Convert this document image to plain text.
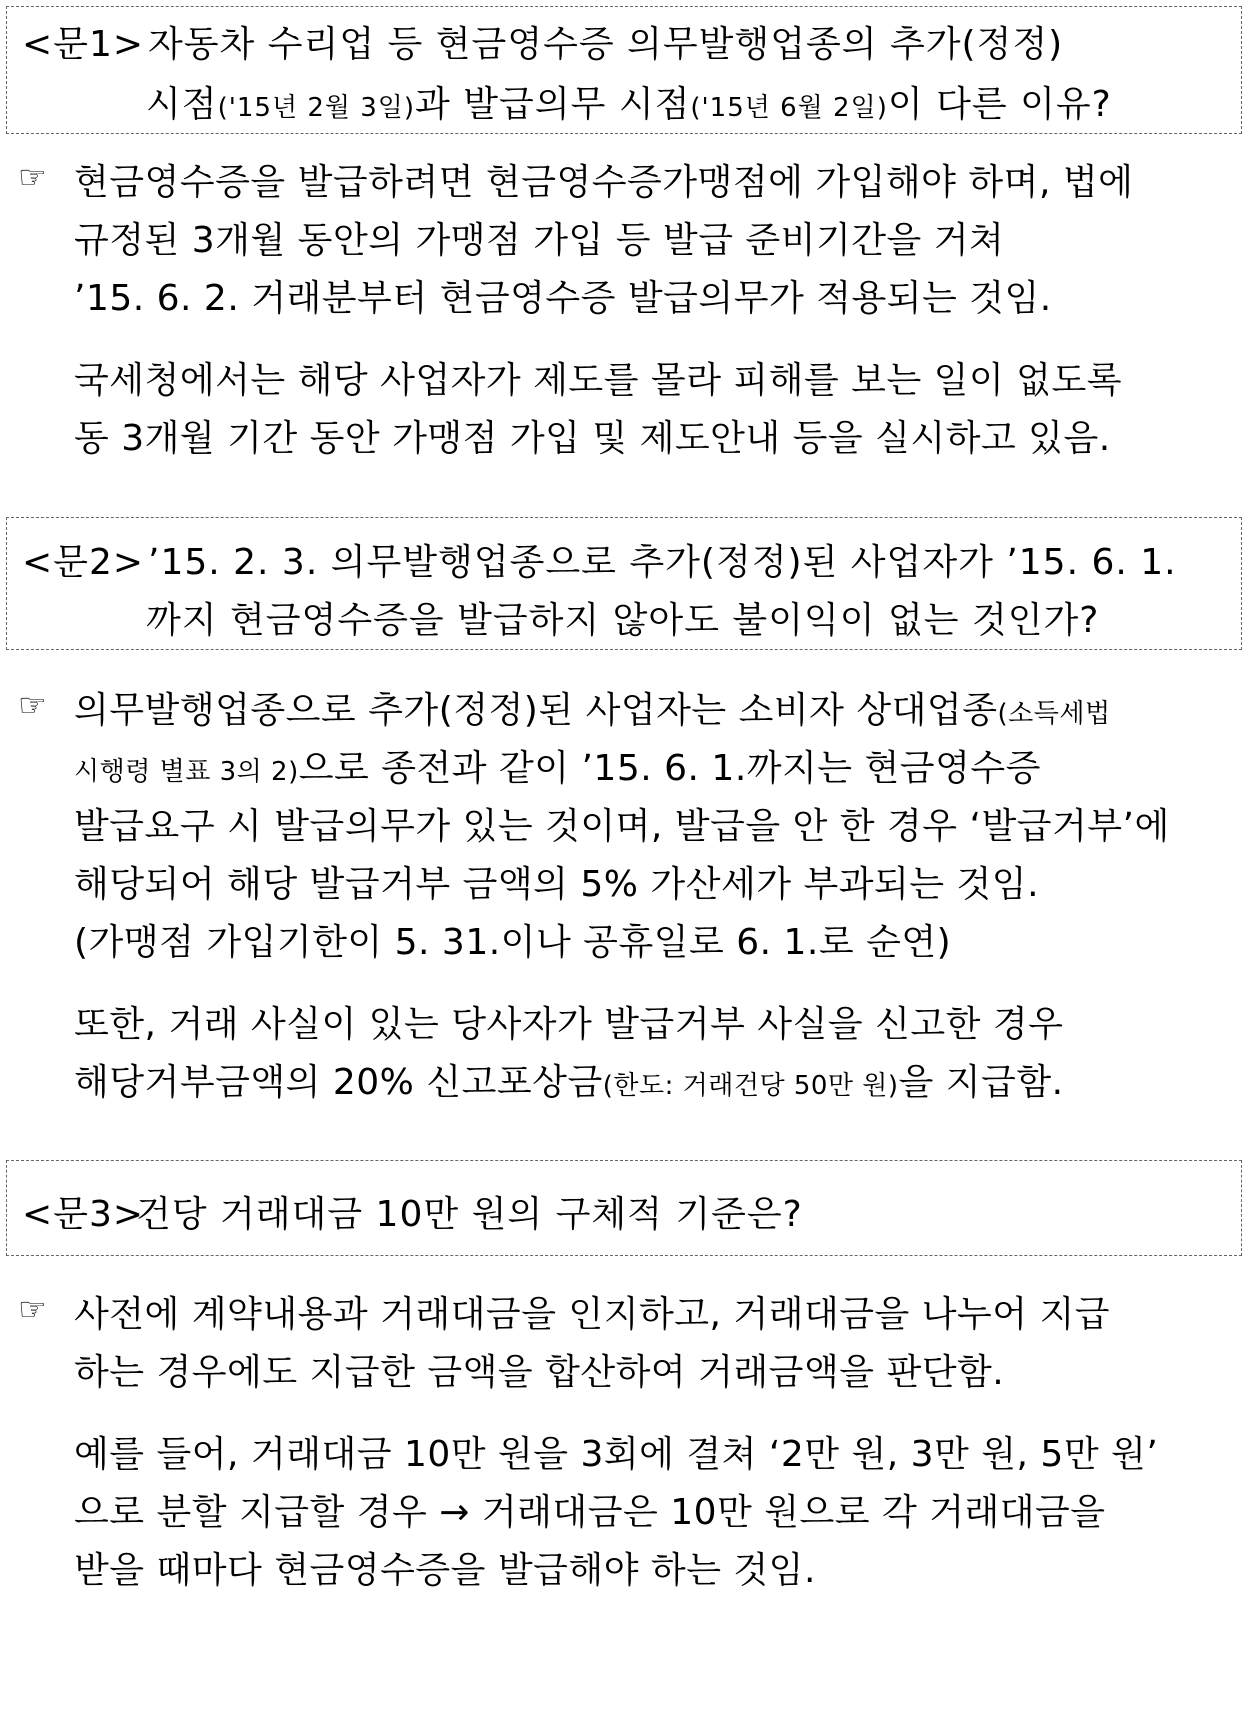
<문1> 자동차 수리업 등 현금영수증 의무발행업종의 추가(정정)
시점('15년 2월 3일)과 발급의무 시점('15년 6월 2일)이 다른 이유?
☞ 현금영수증을 발급하려면 현금영수증가맹점에 가입해야 하며, 법에
규정된 3개월 동안의 가맹점 가입 등 발급 준비기간을 거쳐
’15. 6. 2. 거래분부터 현금영수증 발급의무가 적용되는 것임.
국세청에서는 해당 사업자가 제도를 몰라 피해를 보는 일이 없도록
동 3개월 기간 동안 가맹점 가입 및 제도안내 등을 실시하고 있음.
<문2> ’15. 2. 3. 의무발행업종으로 추가(정정)된 사업자가 ’15. 6. 1.
까지 현금영수증을 발급하지 않아도 불이익이 없는 것인가?
☞ 의무발행업종으로 추가(정정)된 사업자는 소비자 상대업종(소득세법
시행령 별표 3의 2)으로 종전과 같이 ’15. 6. 1.까지는 현금영수증
발급요구 시 발급의무가 있는 것이며, 발급을 안 한 경우 ‘발급거부’에
해당되어 해당 발급거부 금액의 5% 가산세가 부과되는 것임.
(가맹점 가입기한이 5. 31.이나 공휴일로 6. 1.로 순연)
또한, 거래 사실이 있는 당사자가 발급거부 사실을 신고한 경우
해당거부금액의 20% 신고포상금(한도: 거래건당 50만 원)을 지급함.
<문3>
건당 거래대금 10만 원의 구체적 기준은?
☞ 사전에 계약내용과 거래대금을 인지하고, 거래대금을 나누어 지급
하는 경우에도 지급한 금액을 합산하여 거래금액을 판단함.
예를 들어, 거래대금 10만 원을 3회에 결쳐 ‘2만 원, 3만 원, 5만 원’
으로 분할 지급할 경우 → 거래대금은 10만 원으로 각 거래대금을
받을 때마다 현금영수증을 발급해야 하는 것임.
